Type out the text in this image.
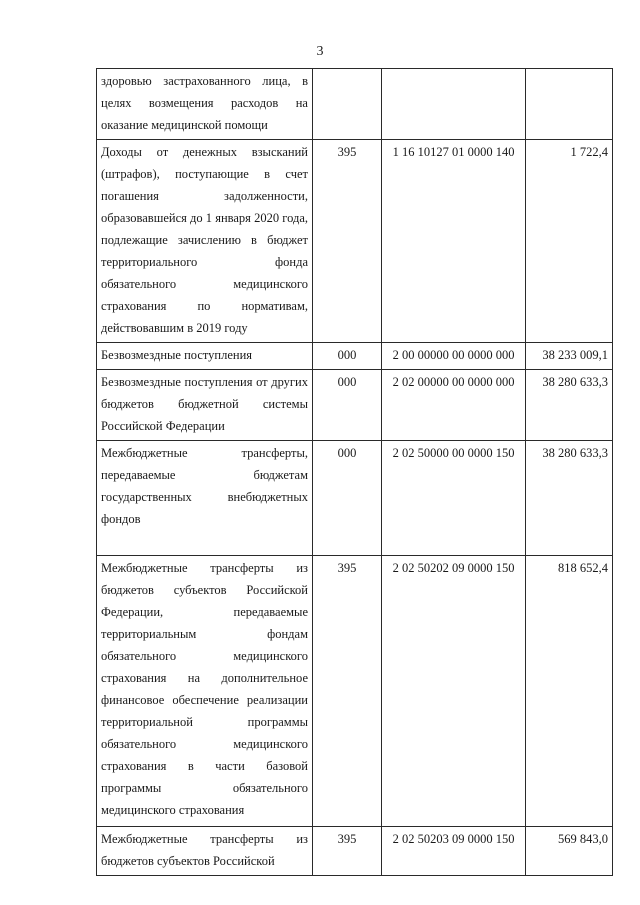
3
здоровью застрахованного лица, в целях возмещения расходов на оказание медицинской помощи			
Доходы от денежных взысканий (штрафов), поступающие в счет погашения задолженности, образовавшейся до 1 января 2020 года, подлежащие зачислению в бюджет территориального фонда обязательного медицинского страхования по нормативам, действовавшим в 2019 году	395	1 16 10127 01 0000 140	1 722,4
Безвозмездные поступления	000	2 00 00000 00 0000 000	38 233 009,1
Безвозмездные поступления от других бюджетов бюджетной системы Российской Федерации	000	2 02 00000 00 0000 000	38 280 633,3
Межбюджетные трансферты, передаваемые бюджетам государственных внебюджетных фондов	000	2 02 50000 00 0000 150	38 280 633,3
Межбюджетные трансферты из бюджетов субъектов Российской Федерации, передаваемые территориальным фондам обязательного медицинского страхования на дополнительное финансовое обеспечение реализации территориальной программы обязательного медицинского страхования в части базовой программы обязательного медицинского страхования	395	2 02 50202 09 0000 150	818 652,4
Межбюджетные трансферты из бюджетов субъектов Российской	395	2 02 50203 09 0000 150	569 843,0
